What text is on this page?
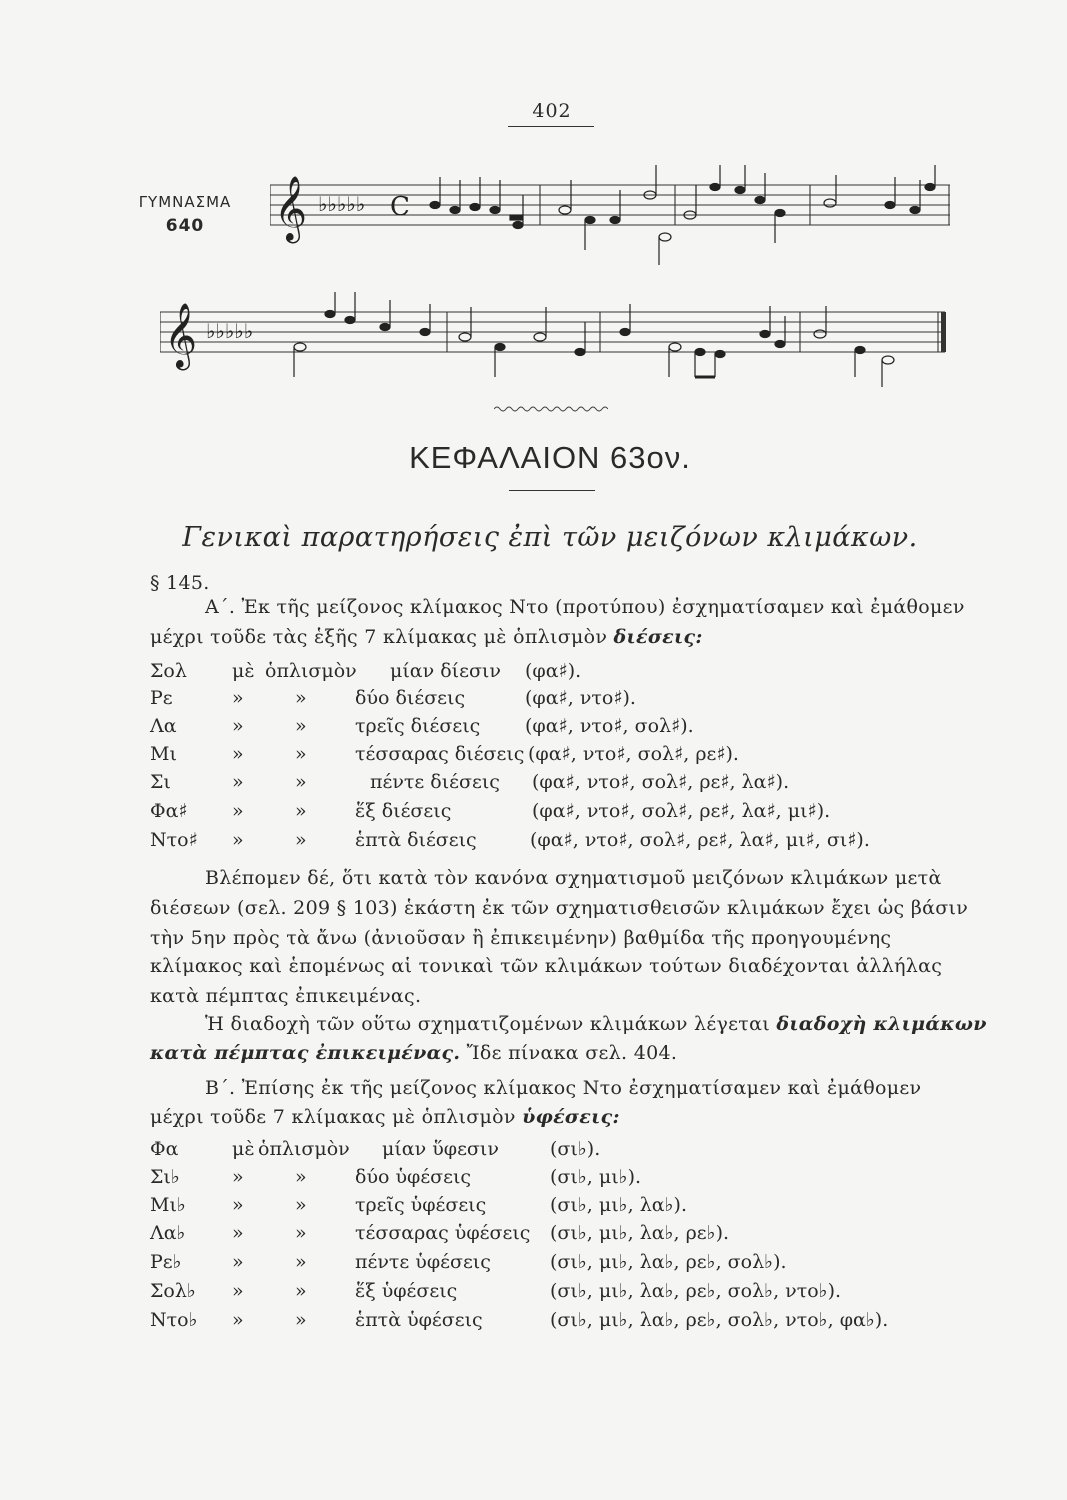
402
ΓΥΜΝΑΣΜΑ
640	𝄞 ♭♭♭♭♭ C
𝄞 ♭♭♭♭♭
ΚΕΦΑΛΑΙΟΝ 63ον.
Γενικαὶ παρατηρήσεις ἐπὶ τῶν μειζόνων κλιμάκων.
§ 145.
Α΄. Ἐκ τῆς μείζονος κλίμακος Ντο (προτύπου) ἐσχηματίσαμεν καὶ ἐμάθομεν
μέχρι τοῦδε τὰς ἑξῆς 7 κλίμακας μὲ ὁπλισμὸν διέσεις:
Σολ μὲ ὁπλισμὸν μίαν δίεσιν (φα♯).
Ρε	»	»	δύο διέσεις	(φα♯, ντο♯).
Λα	»	»	τρεῖς διέσεις (φα♯, ντο♯, σολ♯).
Μι	»	»	τέσσαρας διέσεις (φα♯, ντο♯, σολ♯, ρε♯).
Σι	»	»	πέντε διέσεις (φα♯, ντο♯, σολ♯, ρε♯, λα♯).
Φα♯ »	»	ἕξ διέσεις	(φα♯, ντο♯, σολ♯, ρε♯, λα♯, μι♯).
Ντο♯ »	»	ἑπτὰ διέσεις	(φα♯, ντο♯, σολ♯, ρε♯, λα♯, μι♯, σι♯).
Βλέπομεν δέ, ὅτι κατὰ τὸν κανόνα σχηματισμοῦ μειζόνων κλιμάκων μετὰ
διέσεων (σελ. 209 § 103) ἑκάστη ἐκ τῶν σχηματισθεισῶν κλιμάκων ἔχει ὡς βάσιν
τὴν 5ην πρὸς τὰ ἄνω (ἀνιοῦσαν ἢ ἐπικειμένην) βαθμίδα τῆς προηγουμένης
κλίμακος καὶ ἑπομένως αἱ τονικαὶ τῶν κλιμάκων τούτων διαδέχονται ἀλλήλας
κατὰ πέμπτας ἐπικειμένας.
Ἡ διαδοχὴ τῶν οὕτω σχηματιζομένων κλιμάκων λέγεται διαδοχὴ κλιμάκων
κατὰ πέμπτας ἐπικειμένας. Ἴδε πίνακα σελ. 404.
Β΄. Ἐπίσης ἐκ τῆς μείζονος κλίμακος Ντο ἐσχηματίσαμεν καὶ ἐμάθομεν
μέχρι τοῦδε 7 κλίμακας μὲ ὁπλισμὸν ὑφέσεις:
Φα	μὲ ὁπλισμὸν μίαν ὕφεσιν	(σι♭).
Σι♭	»	»	δύο ὑφέσεις	(σι♭, μι♭).
Μι♭ »	»	τρεῖς ὑφέσεις	(σι♭, μι♭, λα♭).
Λα♭ »	»	τέσσαρας ὑφέσεις (σι♭, μι♭, λα♭, ρε♭).
Ρε♭	»	»	πέντε ὑφέσεις	(σι♭, μι♭, λα♭, ρε♭, σολ♭).
Σολ♭ »	»	ἕξ ὑφέσεις	(σι♭, μι♭, λα♭, ρε♭, σολ♭, ντο♭).
Ντο♭ »	»	ἑπτὰ ὑφέσεις	(σι♭, μι♭, λα♭, ρε♭, σολ♭, ντο♭, φα♭).
